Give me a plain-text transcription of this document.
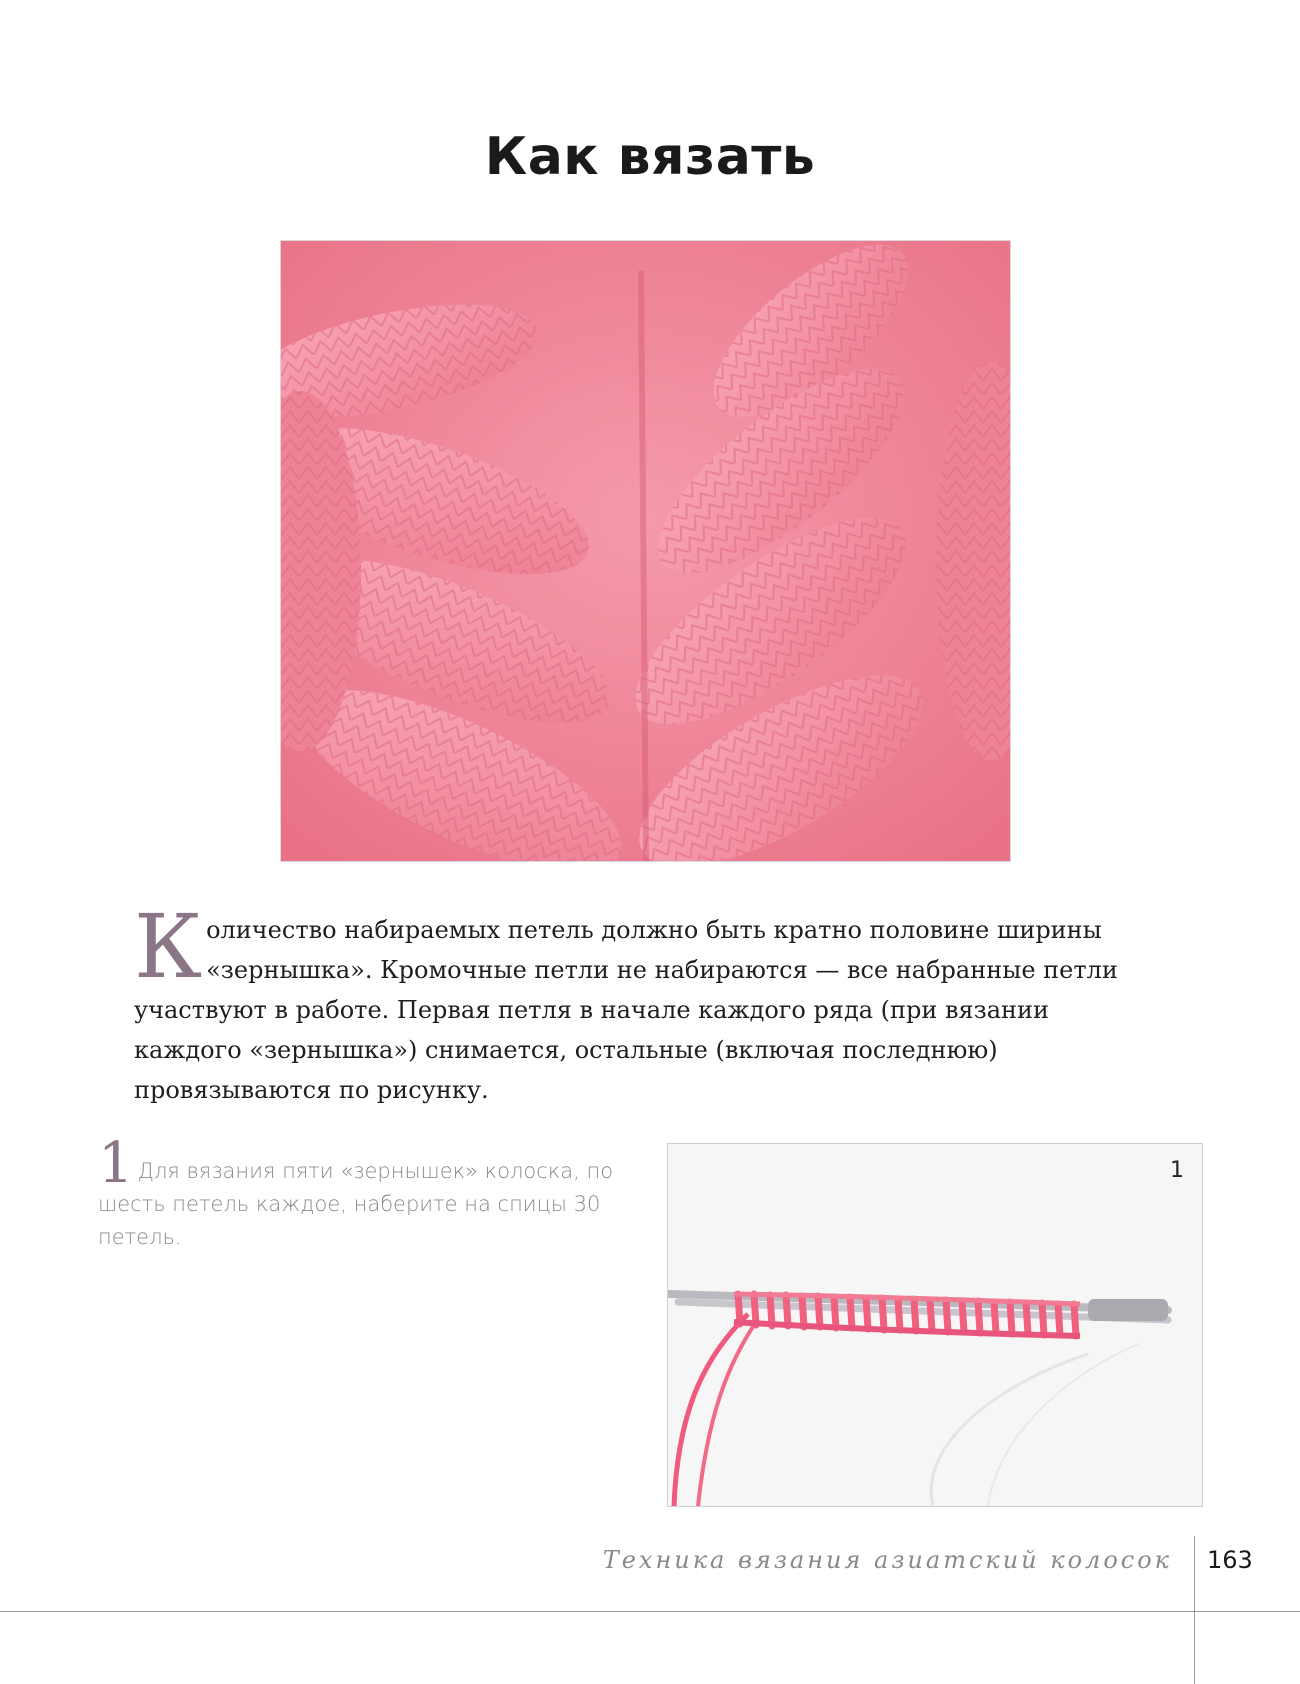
Как вязать
Количество набираемых петель должно быть кратно половине ширины «зернышка». Кромочные петли не набираются — все набранные петли участвуют в работе. Первая петля в начале каждого ряда (при вязании каждого «зернышка») снимается, остальные (включая последнюю) провязываются по рисунку.
1 Для вязания пяти «зернышек» колоска, по шесть петель каждое, наберите на спицы 30 петель.
1
Техника вязания азиатский колосок 163
